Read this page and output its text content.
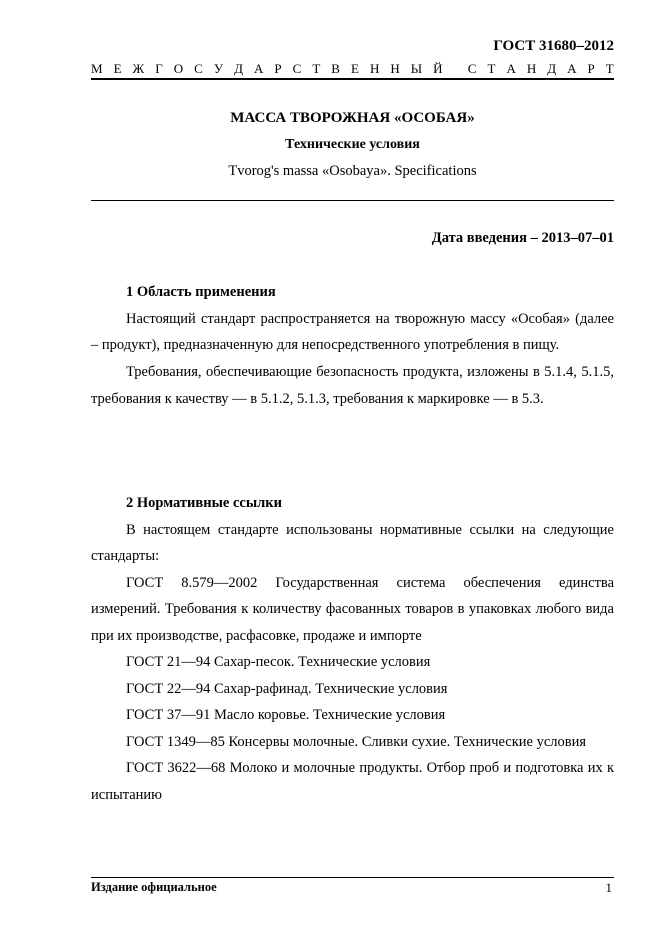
ГОСТ 31680–2012
М Е Ж Г О С У Д А Р С Т В Е Н Н Ы Й
С Т А Н Д А Р Т
МАССА ТВОРОЖНАЯ «ОСОБАЯ»
Технические условия
Tvorog's massa «Osobaya». Specifications
Дата введения – 2013–07–01

1 Область применения

Настоящий стандарт распространяется на творожную массу «Особая» (далее – продукт), предназначенную для непосредственного употребления в пищу.

Требования, обеспечивающие безопасность продукта, изложены в 5.1.4, 5.1.5, требования к качеству — в 5.1.2, 5.1.3, требования к маркировке — в 5.3.

2 Нормативные ссылки

В настоящем стандарте использованы нормативные ссылки на следующие стандарты:

ГОСТ 8.579—2002 Государственная система обеспечения единства измерений. Требования к количеству фасованных товаров в упаковках любого вида при их производстве, расфасовке, продаже и импорте

ГОСТ 21—94 Сахар-песок. Технические условия

ГОСТ 22—94 Сахар-рафинад. Технические условия

ГОСТ 37—91 Масло коровье. Технические условия

ГОСТ 1349—85 Консервы молочные. Сливки сухие. Технические условия

ГОСТ 3622—68 Молоко и молочные продукты. Отбор проб и подготовка их к испытанию

Издание официальное	1
